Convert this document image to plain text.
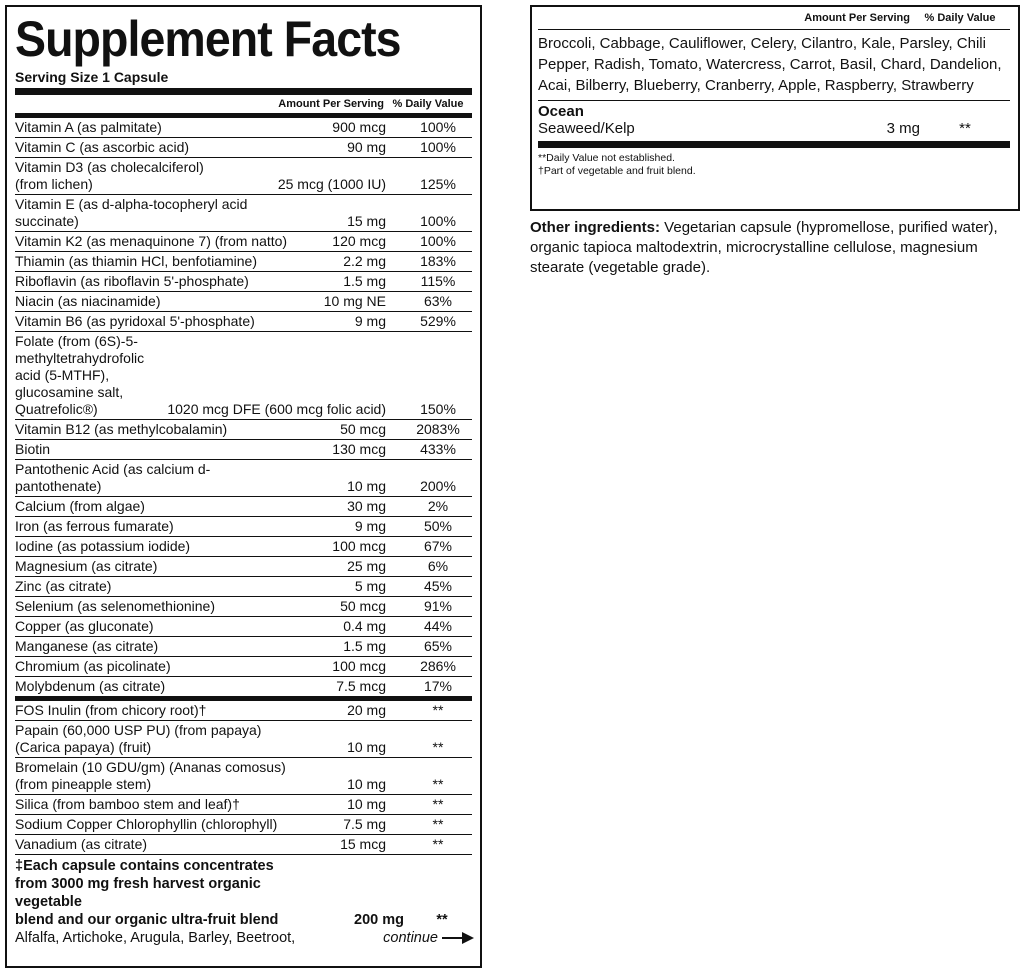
Supplement Facts
Serving Size 1 Capsule
Amount Per Serving % Daily Value
Vitamin A (as palmitate)	900 mcg	100%
Vitamin C (as ascorbic acid)	90 mg	100%
Vitamin D3 (as cholecalciferol)
(from lichen)	25 mcg (1000 IU)	125%
Vitamin E (as d-alpha-tocopheryl acid succinate)	15 mg	100%
Vitamin K2 (as menaquinone 7) (from natto)	120 mcg	100%
Thiamin (as thiamin HCl, benfotiamine)	2.2 mg	183%
Riboflavin (as riboflavin 5'-phosphate)	1.5 mg	115%
Niacin (as niacinamide)	10 mg NE	63%
Vitamin B6 (as pyridoxal 5'-phosphate)	9 mg	529%
Folate (from (6S)-5-methyltetrahydrofolic acid (5-MTHF),
glucosamine salt, Quatrefolic®)	1020 mcg DFE (600 mcg folic acid)	150%
Vitamin B12 (as methylcobalamin)	50 mcg	2083%
Biotin	130 mcg	433%
Pantothenic Acid (as calcium d-pantothenate)	10 mg	200%
Calcium (from algae)	30 mg	2%
Iron (as ferrous fumarate)	9 mg	50%
Iodine (as potassium iodide)	100 mcg	67%
Magnesium (as citrate)	25 mg	6%
Zinc (as citrate)	5 mg	45%
Selenium (as selenomethionine)	50 mcg	91%
Copper (as gluconate)	0.4 mg	44%
Manganese (as citrate)	1.5 mg	65%
Chromium (as picolinate)	100 mcg	286%
Molybdenum (as citrate)	7.5 mcg	17%
FOS Inulin (from chicory root)†	20 mg	**
Papain (60,000 USP PU) (from papaya)
(Carica papaya) (fruit)	10 mg	**
Bromelain (10 GDU/gm) (Ananas comosus)
(from pineapple stem)	10 mg	**
Silica (from bamboo stem and leaf)†	10 mg	**
Sodium Copper Chlorophyllin (chlorophyll)	7.5 mg	**
Vanadium (as citrate)	15 mcg	**
‡Each capsule contains concentrates
from 3000 mg fresh harvest organic vegetable
blend and our organic ultra-fruit blend	200 mg	**
Alfalfa, Artichoke, Arugula, Barley, Beetroot,	continue
Amount Per Serving	% Daily Value
Broccoli, Cabbage, Cauliflower, Celery, Cilantro, Kale, Parsley, Chili Pepper, Radish, Tomato, Watercress, Carrot, Basil, Chard, Dandelion, Acai, Bilberry, Blueberry, Cranberry, Apple, Raspberry, Strawberry
Ocean
Seaweed/Kelp	3 mg	**
**Daily Value not established.
†Part of vegetable and fruit blend.
Other ingredients: Vegetarian capsule (hypromellose, purified water), organic tapioca maltodextrin, microcrystalline cellulose, magnesium stearate (vegetable grade).
